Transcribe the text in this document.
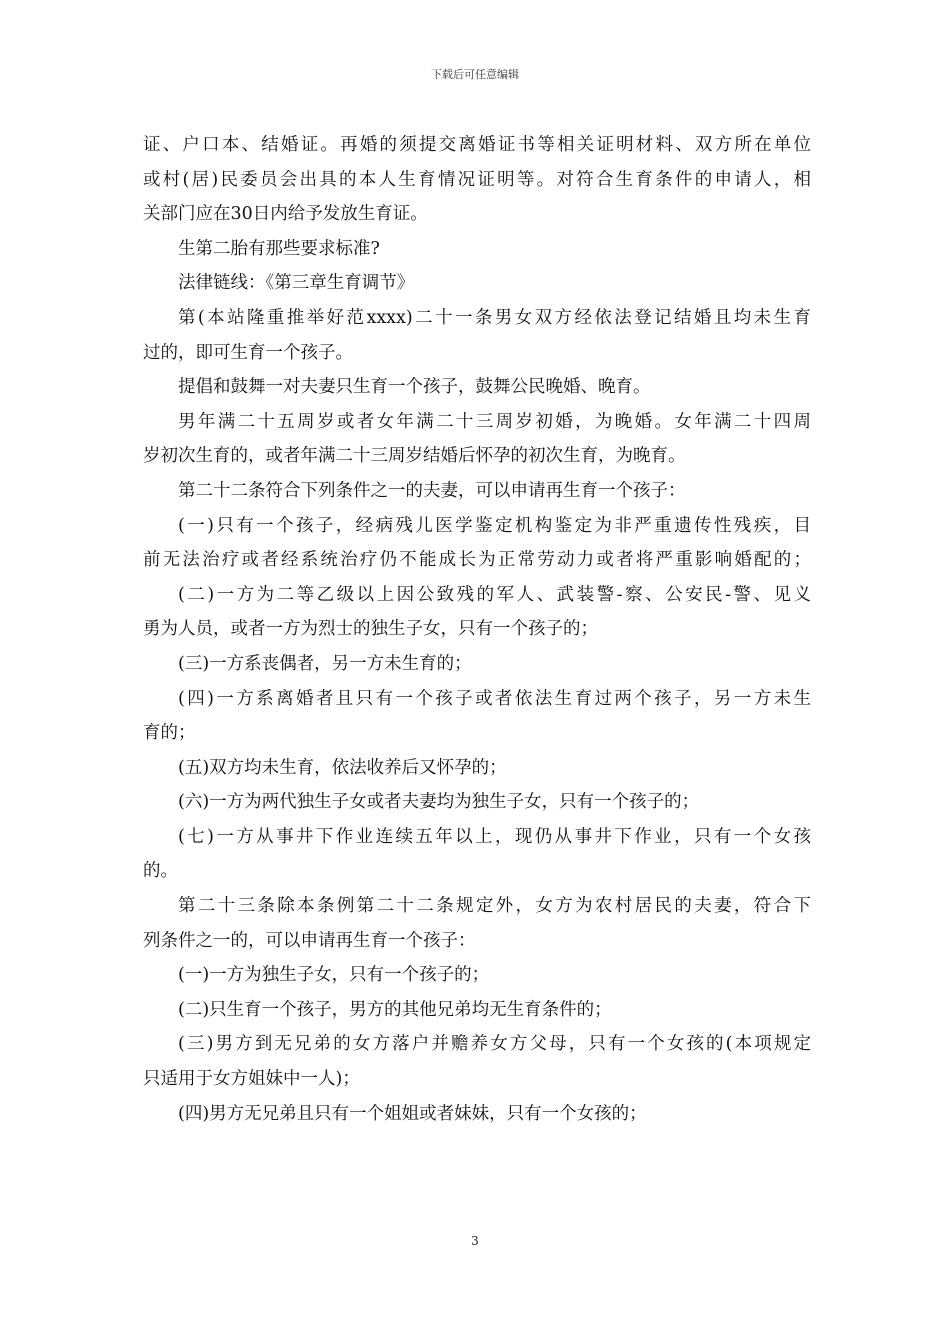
下载后可任意编辑
证、户口本、结婚证。再婚的须提交离婚证书等相关证明材料、双方所在单位
或村(居)民委员会出具的本人生育情况证明等。对符合生育条件的申请人，相
关部门应在30日内给予发放生育证。
生第二胎有那些要求标准?
法律链线：《第三章生育调节》
第(本站隆重推举好范xxxx)二十一条男女双方经依法登记结婚且均未生育
过的，即可生育一个孩子。
提倡和鼓舞一对夫妻只生育一个孩子，鼓舞公民晚婚、晚育。
男年满二十五周岁或者女年满二十三周岁初婚，为晚婚。女年满二十四周
岁初次生育的，或者年满二十三周岁结婚后怀孕的初次生育，为晚育。
第二十二条符合下列条件之一的夫妻，可以申请再生育一个孩子：
(一)只有一个孩子，经病残儿医学鉴定机构鉴定为非严重遗传性残疾，目
前无法治疗或者经系统治疗仍不能成长为正常劳动力或者将严重影响婚配的；
(二)一方为二等乙级以上因公致残的军人、武装警-察、公安民-警、见义
勇为人员，或者一方为烈士的独生子女，只有一个孩子的；
(三)一方系丧偶者，另一方未生育的；
(四)一方系离婚者且只有一个孩子或者依法生育过两个孩子，另一方未生
育的；
(五)双方均未生育，依法收养后又怀孕的；
(六)一方为两代独生子女或者夫妻均为独生子女，只有一个孩子的；
(七)一方从事井下作业连续五年以上，现仍从事井下作业，只有一个女孩
的。
第二十三条除本条例第二十二条规定外，女方为农村居民的夫妻，符合下
列条件之一的，可以申请再生育一个孩子：
(一)一方为独生子女，只有一个孩子的；
(二)只生育一个孩子，男方的其他兄弟均无生育条件的；
(三)男方到无兄弟的女方落户并赡养女方父母，只有一个女孩的(本项规定
只适用于女方姐妹中一人)；
(四)男方无兄弟且只有一个姐姐或者妹妹，只有一个女孩的；
3
